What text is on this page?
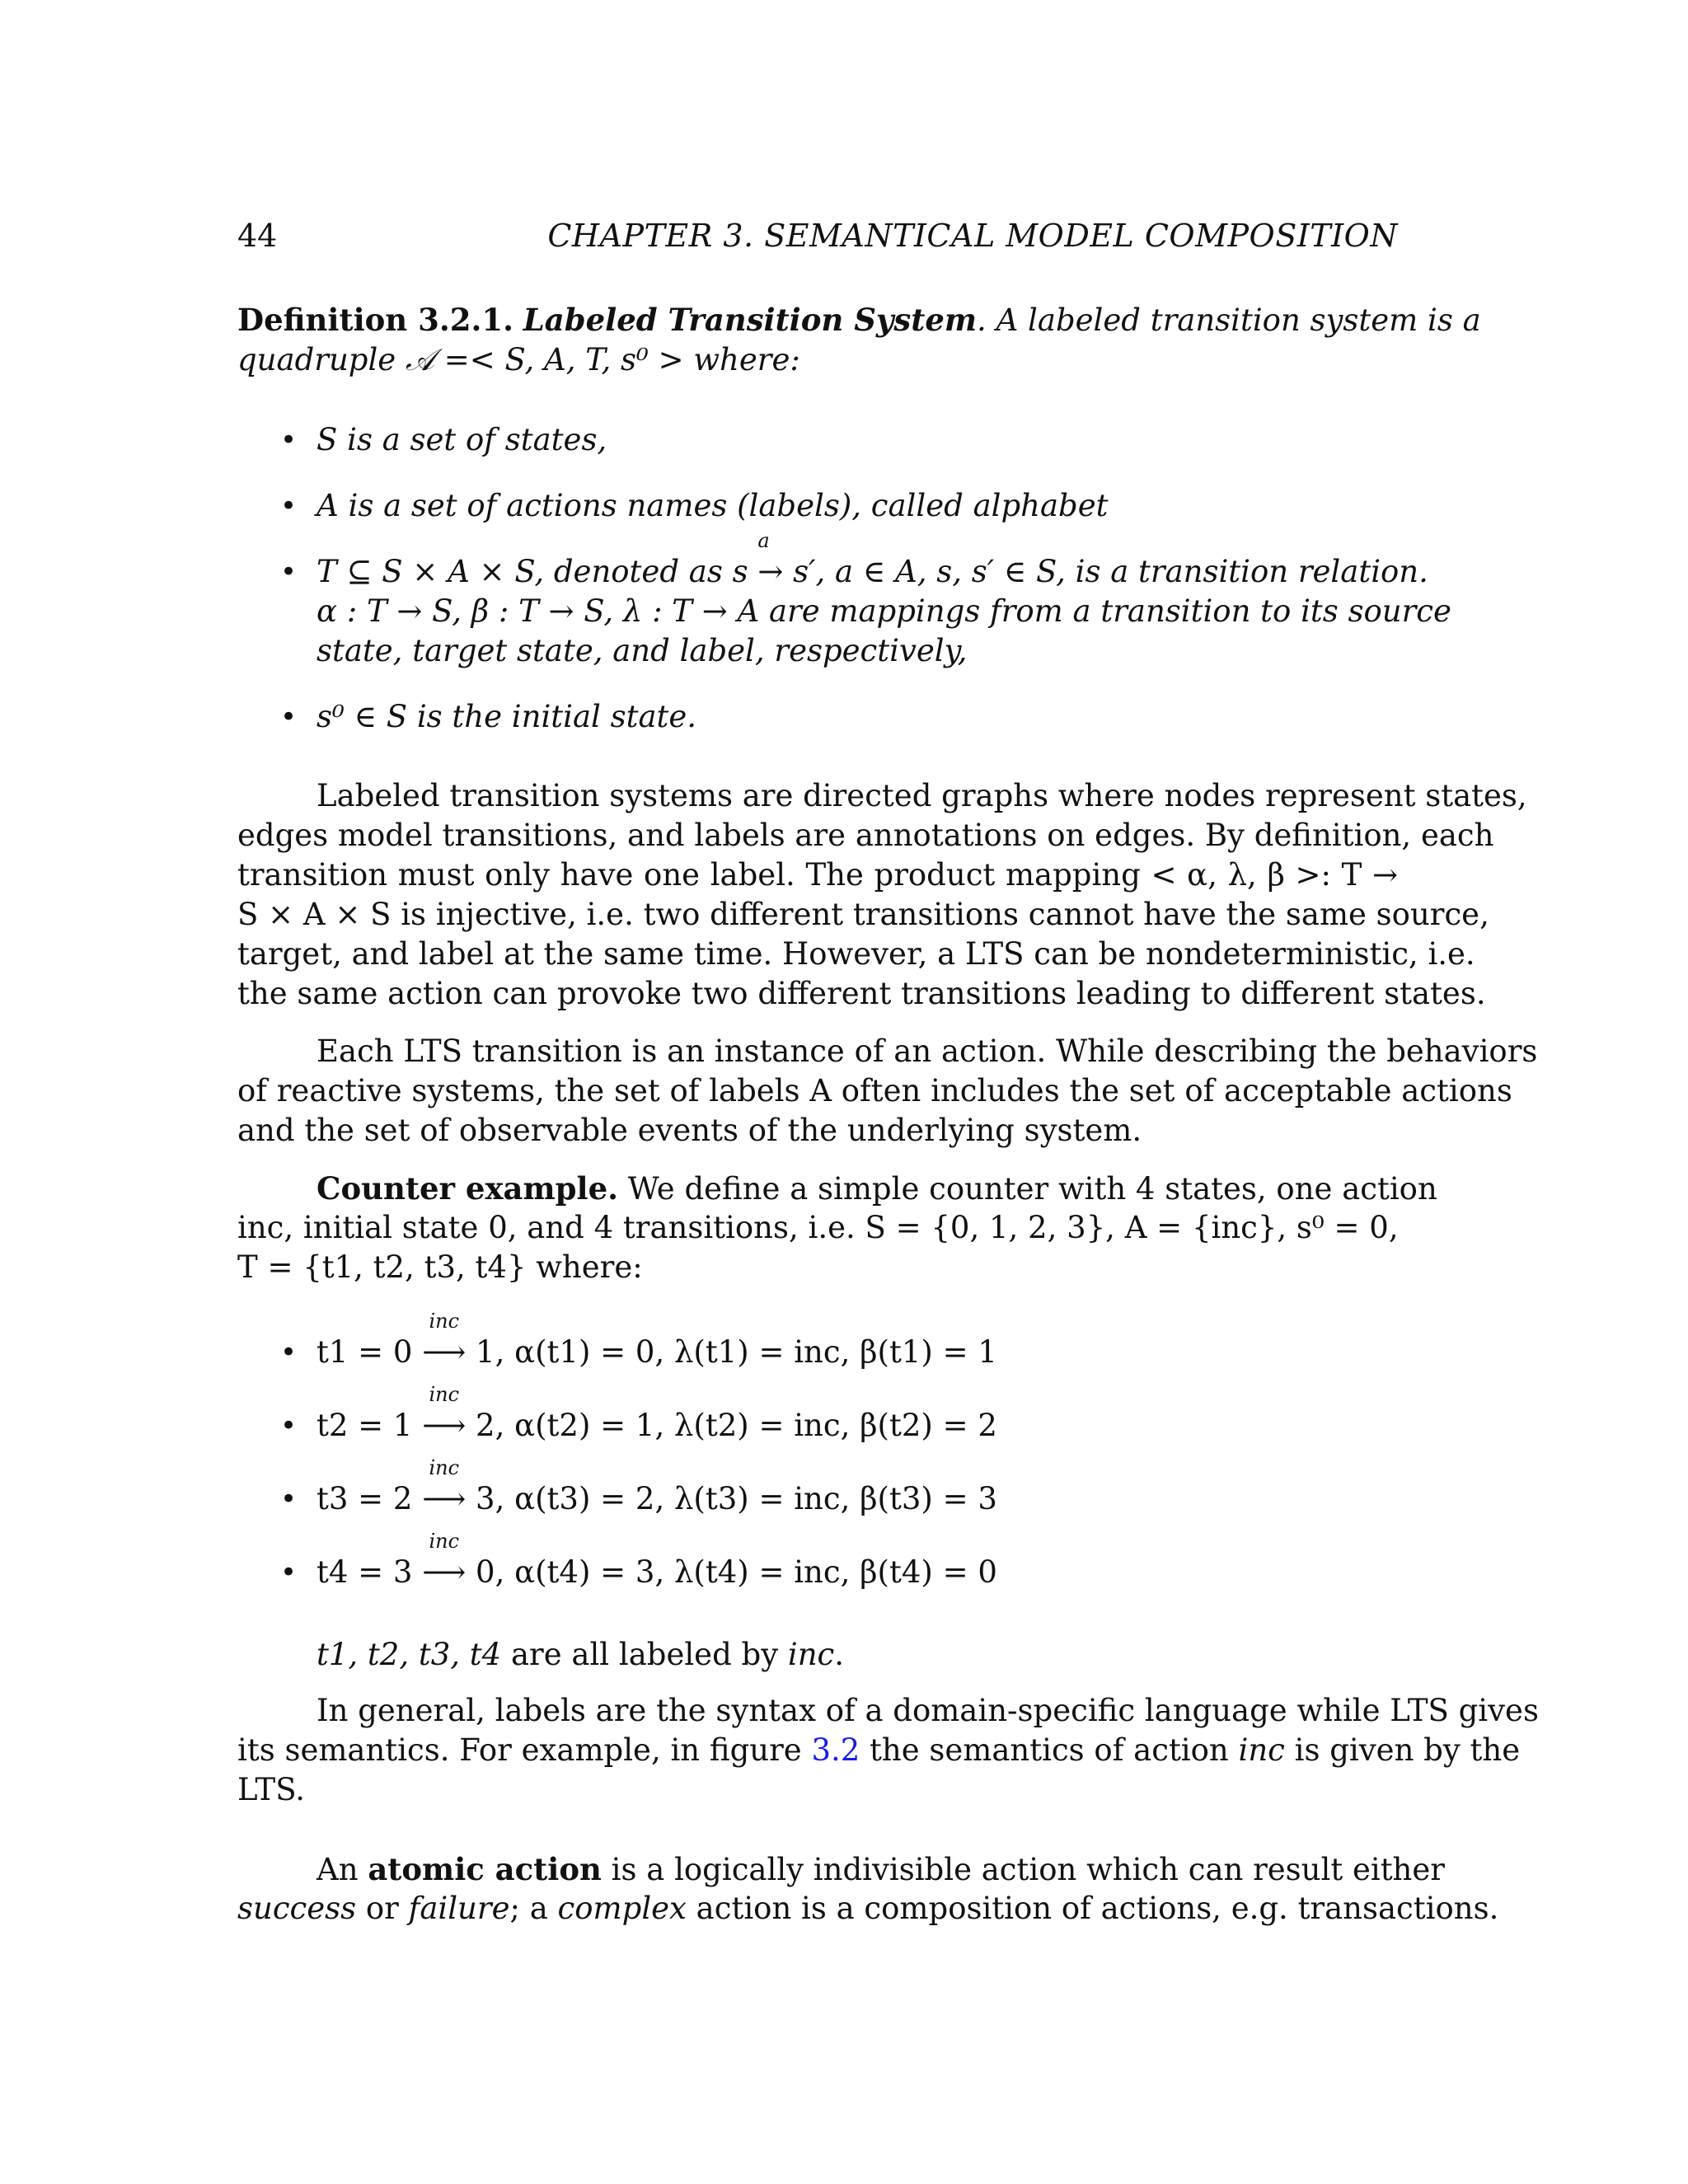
44	CHAPTER 3. SEMANTICAL MODEL COMPOSITION
Definition 3.2.1. Labeled Transition System. A labeled transition system is a
quadruple 𝒜 =< S, A, T, s⁰ > where:
• S is a set of states,
• A is a set of actions names (labels), called alphabet
• T ⊆ S × A × S, denoted as s
a
→ s′, a ∈ A, s, s′ ∈ S, is a transition relation.
α : T → S, β : T → S, λ : T → A are mappings from a transition to its source
state, target state, and label, respectively,
• s⁰ ∈ S is the initial state.
Labeled transition systems are directed graphs where nodes represent states,
edges model transitions, and labels are annotations on edges. By definition, each
transition must only have one label. The product mapping < α, λ, β >: T →
S × A × S is injective, i.e. two different transitions cannot have the same source,
target, and label at the same time. However, a LTS can be nondeterministic, i.e.
the same action can provoke two different transitions leading to different states.
Each LTS transition is an instance of an action. While describing the behaviors
of reactive systems, the set of labels A often includes the set of acceptable actions
and the set of observable events of the underlying system.
Counter example. We define a simple counter with 4 states, one action
inc, initial state 0, and 4 transitions, i.e. S = {0, 1, 2, 3}, A = {inc}, s⁰ = 0,
T = {t1, t2, t3, t4} where:
• t1 = 0
inc
⟶ 1, α(t1) = 0, λ(t1) = inc, β(t1) = 1
• t2 = 1
inc
⟶ 2, α(t2) = 1, λ(t2) = inc, β(t2) = 2
• t3 = 2
inc
⟶ 3, α(t3) = 2, λ(t3) = inc, β(t3) = 3
• t4 = 3
inc
⟶ 0, α(t4) = 3, λ(t4) = inc, β(t4) = 0
t1, t2, t3, t4 are all labeled by inc.
In general, labels are the syntax of a domain-specific language while LTS gives
its semantics. For example, in figure 3.2 the semantics of action inc is given by the
LTS.
An atomic action is a logically indivisible action which can result either
success or failure; a complex action is a composition of actions, e.g. transactions.
